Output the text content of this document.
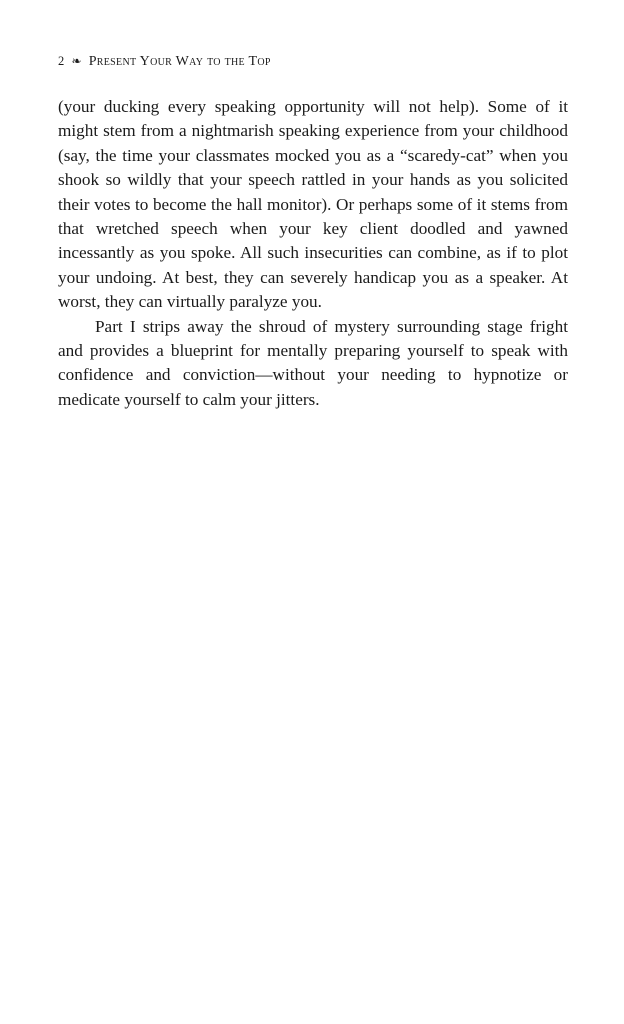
2 ❧ Present Your Way to the Top

(your ducking every speaking opportunity will not help). Some of it might stem from a nightmarish speaking experience from your childhood (say, the time your classmates mocked you as a “scaredy-cat” when you shook so wildly that your speech rattled in your hands as you solicited their votes to become the hall monitor). Or perhaps some of it stems from that wretched speech when your key client doodled and yawned incessantly as you spoke. All such insecurities can combine, as if to plot your undoing. At best, they can severely handicap you as a speaker. At worst, they can virtually paralyze you.

Part I strips away the shroud of mystery surrounding stage fright and provides a blueprint for mentally preparing yourself to speak with confidence and conviction—without your needing to hypnotize or medicate yourself to calm your jitters.
